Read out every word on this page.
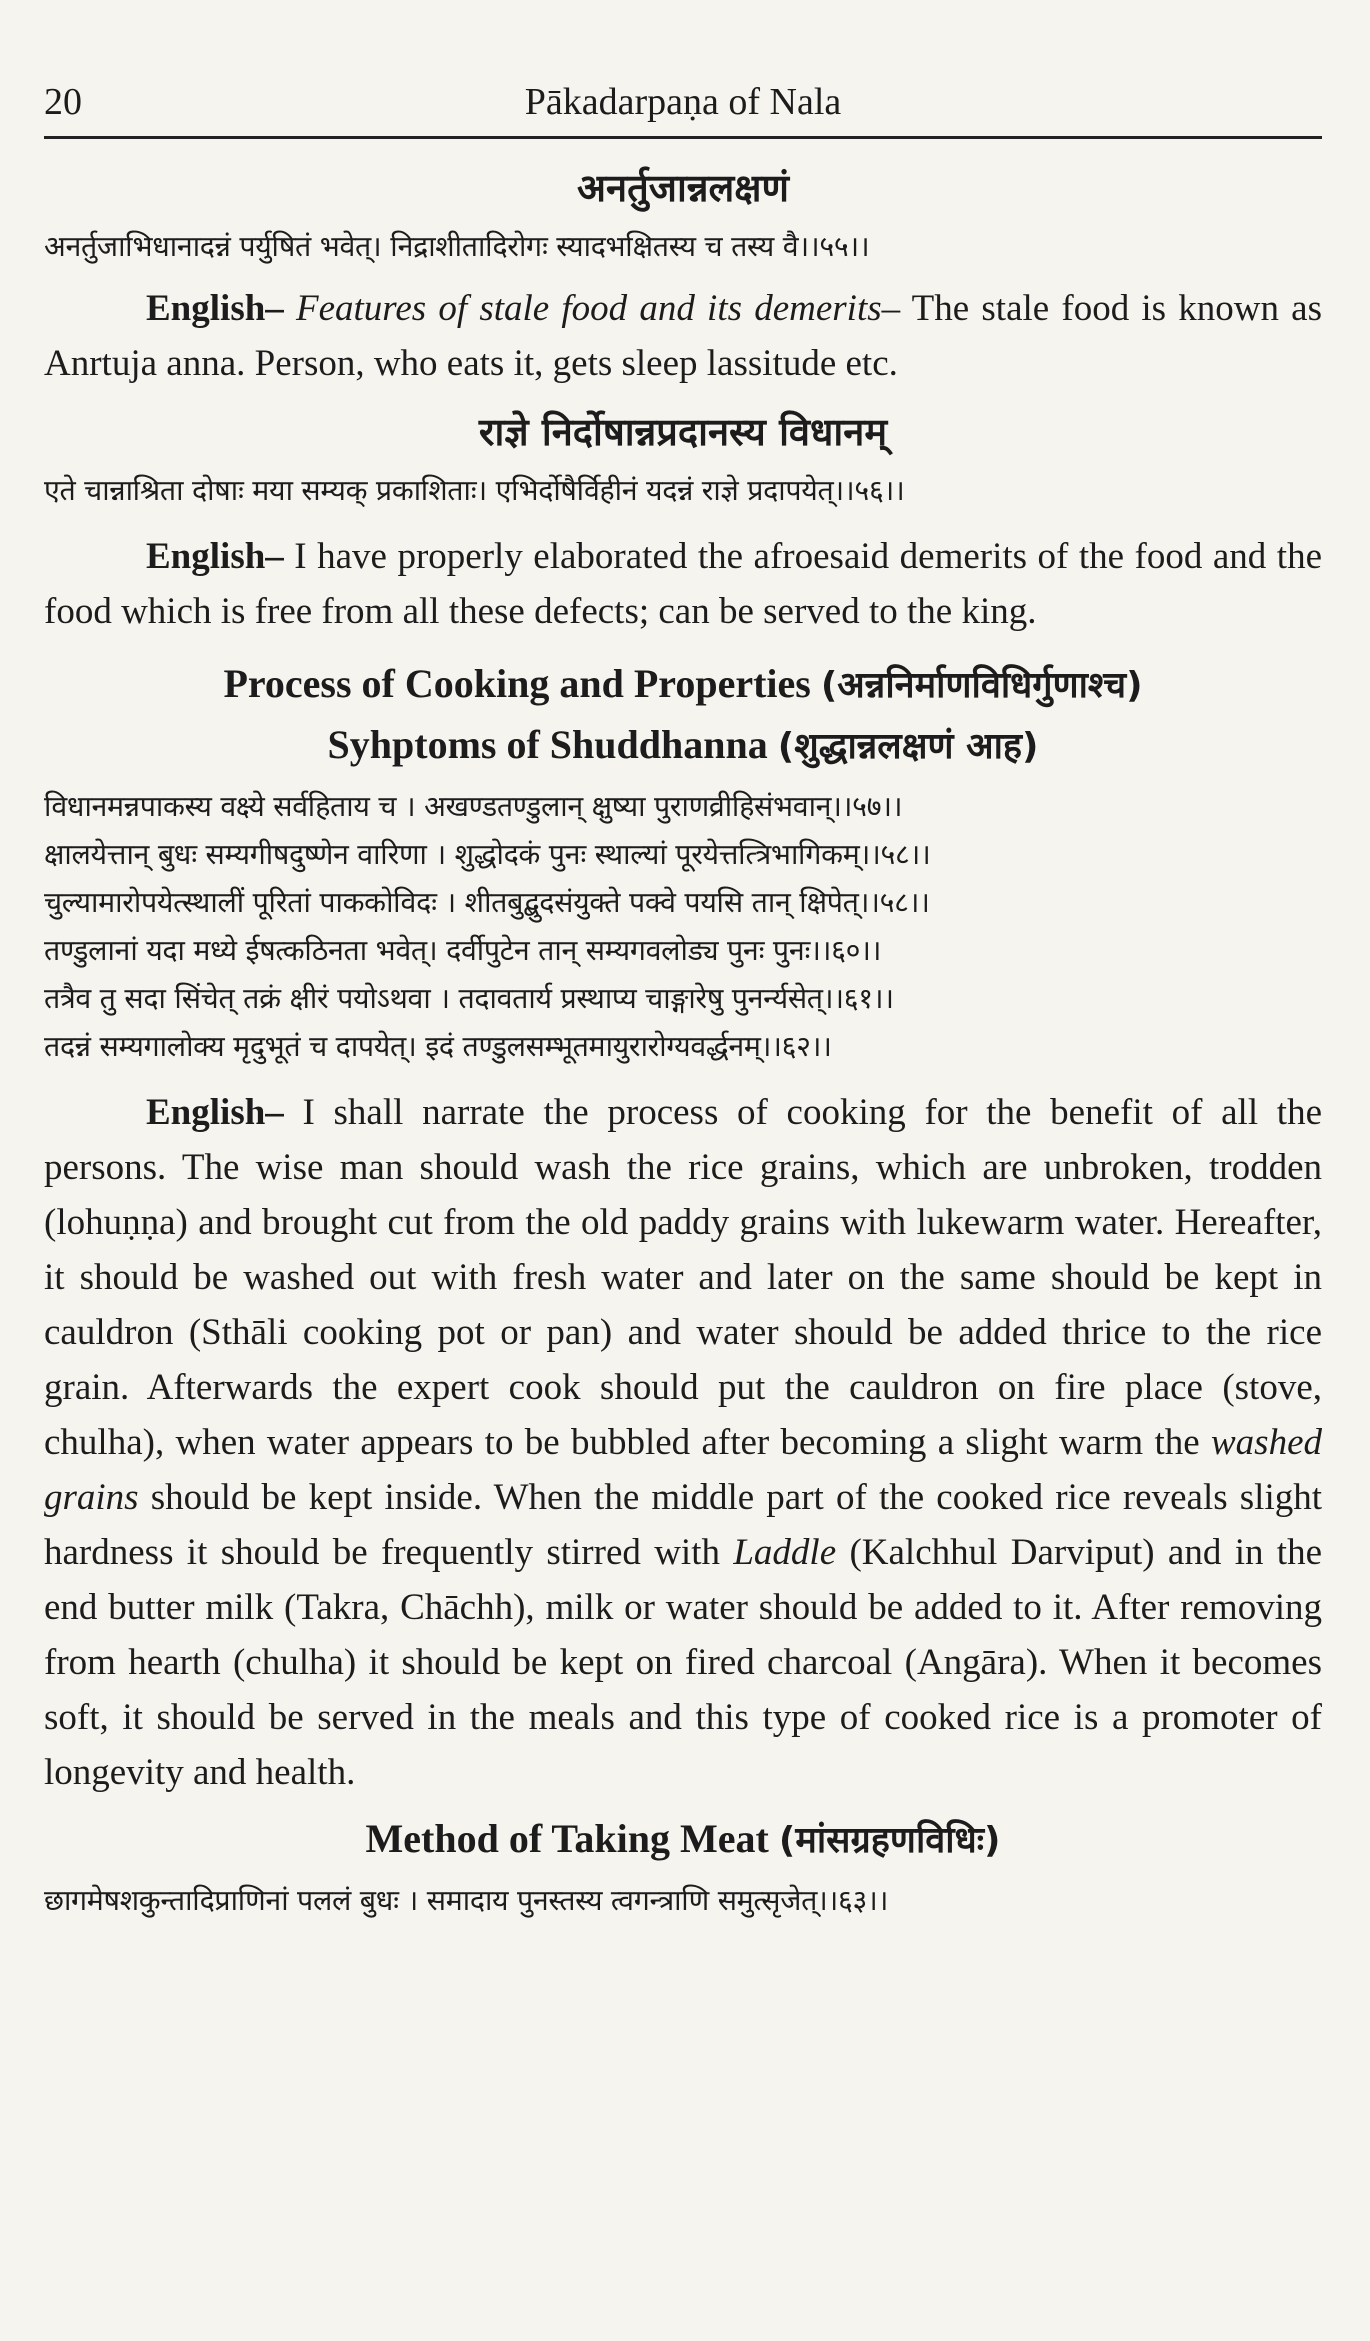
20	Pākadarpaṇa of Nala
अनर्तुजान्नलक्षणं

अनर्तुजाभिधानादन्नं पर्युषितं भवेत्। निद्राशीतादिरोगः स्यादभक्षितस्य च तस्य वै।।५५।।

English– Features of stale food and its demerits– The stale food is known as Anrtuja anna. Person, who eats it, gets sleep lassitude etc.

राज्ञे निर्दोषान्नप्रदानस्य विधानम्

एते चान्नाश्रिता दोषाः मया सम्यक् प्रकाशिताः। एभिर्दोषैर्विहीनं यदन्नं राज्ञे प्रदापयेत्।।५६।।

English– I have properly elaborated the afroesaid demerits of the food and the food which is free from all these defects; can be served to the king.

Process of Cooking and Properties (अन्ननिर्माणविधिर्गुणाश्च)
Syhptoms of Shuddhanna (शुद्धान्नलक्षणं आह)

विधानमन्नपाकस्य वक्ष्ये सर्वहिताय च । अखण्डतण्डुलान् क्षुष्या पुराणव्रीहिसंभवान्।।५७।।

क्षालयेत्तान् बुधः सम्यगीषदुष्णेन वारिणा । शुद्धोदकं पुनः स्थाल्यां पूरयेत्तत्त्रिभागिकम्।।५८।।

चुल्यामारोपयेत्स्थालीं पूरितां पाककोविदः । शीतबुद्बुदसंयुक्ते पक्वे पयसि तान् क्षिपेत्।।५८।।

तण्डुलानां यदा मध्ये ईषत्कठिनता भवेत्। दर्वीपुटेन तान् सम्यगवलोड्य पुनः पुनः।।६०।।

तत्रैव तु सदा सिंचेत् तक्रं क्षीरं पयोऽथवा । तदावतार्य प्रस्थाप्य चाङ्गारेषु पुनर्न्यसेत्।।६१।।

तदन्नं सम्यगालोक्य मृदुभूतं च दापयेत्। इदं तण्डुलसम्भूतमायुरारोग्यवर्द्धनम्।।६२।।

English– I shall narrate the process of cooking for the benefit of all the persons. The wise man should wash the rice grains, which are unbroken, trodden (lohuṇṇa) and brought cut from the old paddy grains with lukewarm water. Hereafter, it should be washed out with fresh water and later on the same should be kept in cauldron (Sthāli cooking pot or pan) and water should be added thrice to the rice grain. Afterwards the expert cook should put the cauldron on fire place (stove, chulha), when water appears to be bubbled after becoming a slight warm the washed grains should be kept inside. When the middle part of the cooked rice reveals slight hardness it should be frequently stirred with Laddle (Kalchhul Darviput) and in the end butter milk (Takra, Chāchh), milk or water should be added to it. After removing from hearth (chulha) it should be kept on fired charcoal (Angāra). When it becomes soft, it should be served in the meals and this type of cooked rice is a promoter of longevity and health.

Method of Taking Meat (मांसग्रहणविधिः)

छागमेषशकुन्तादिप्राणिनां पललं बुधः । समादाय पुनस्तस्य त्वगन्त्राणि समुत्सृजेत्।।६३।।
